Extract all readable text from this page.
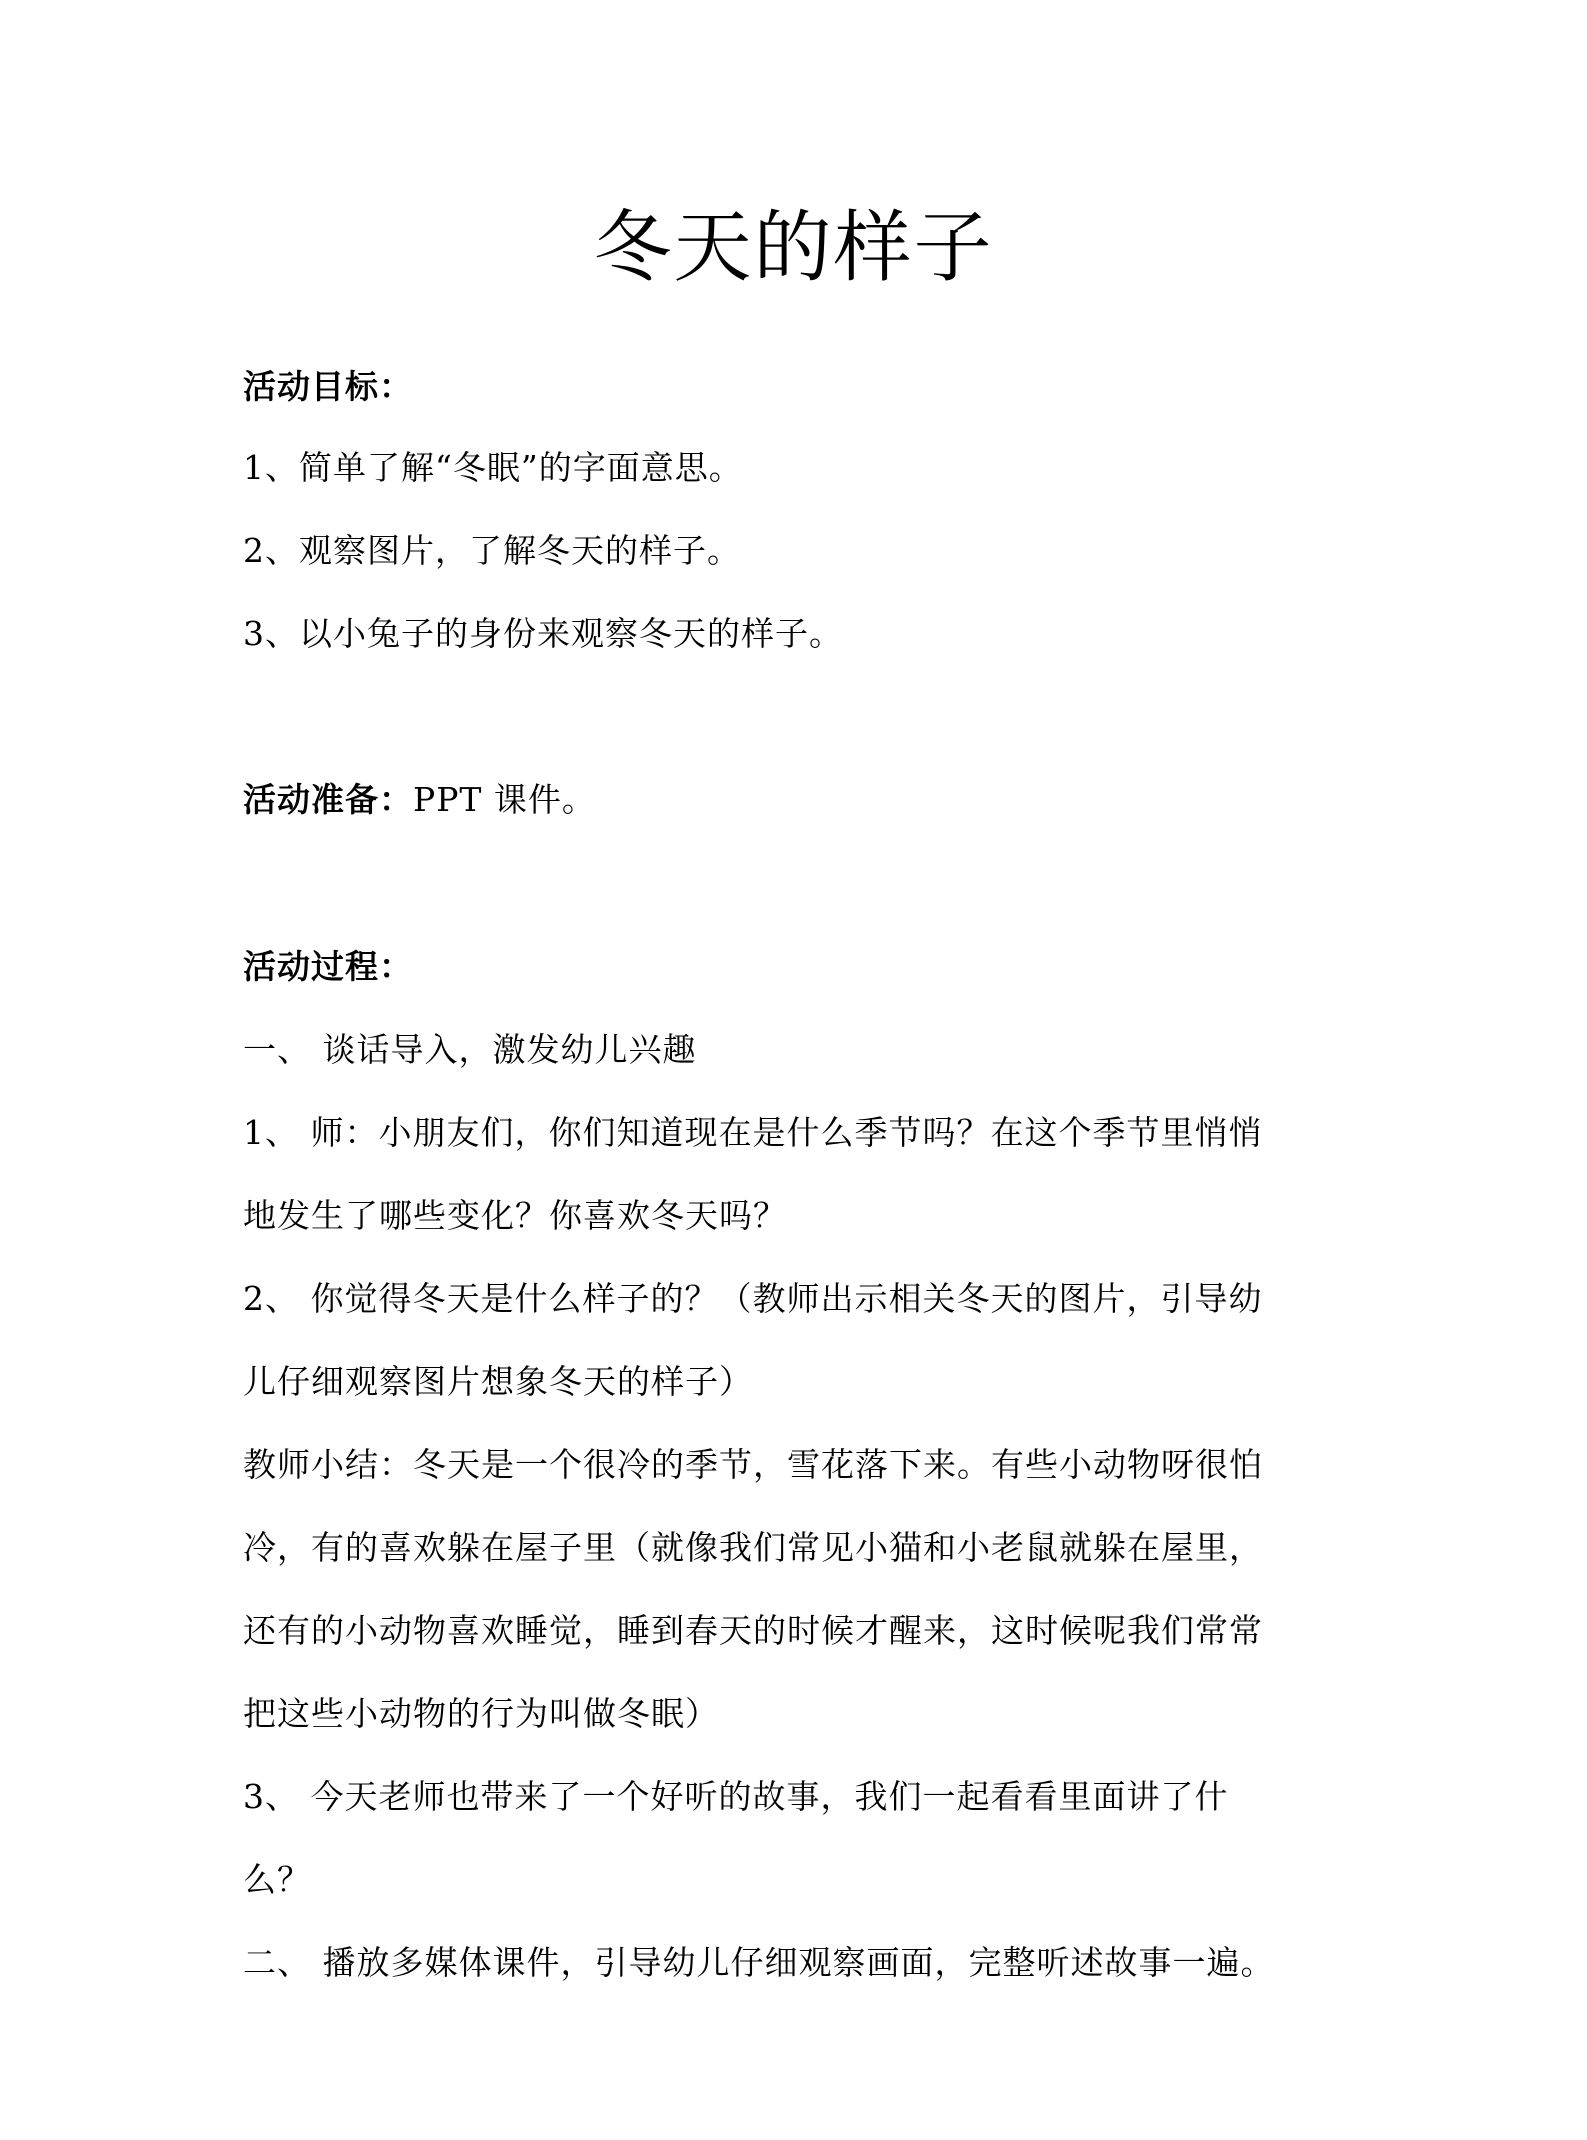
冬天的样子
活动目标：
1、简单了解“冬眠”的字面意思。
2、观察图片，了解冬天的样子。
3、以小兔子的身份来观察冬天的样子。
活动准备：PPT 课件。
活动过程：
一、 谈话导入，激发幼儿兴趣
1、 师：小朋友们，你们知道现在是什么季节吗？在这个季节里悄悄
地发生了哪些变化？你喜欢冬天吗？
2、 你觉得冬天是什么样子的？（教师出示相关冬天的图片，引导幼
儿仔细观察图片想象冬天的样子）
教师小结：冬天是一个很冷的季节，雪花落下来。有些小动物呀很怕
冷，有的喜欢躲在屋子里（就像我们常见小猫和小老鼠就躲在屋里，
还有的小动物喜欢睡觉，睡到春天的时候才醒来，这时候呢我们常常
把这些小动物的行为叫做冬眠）
3、 今天老师也带来了一个好听的故事，我们一起看看里面讲了什
么？
二、 播放多媒体课件，引导幼儿仔细观察画面，完整听述故事一遍。
